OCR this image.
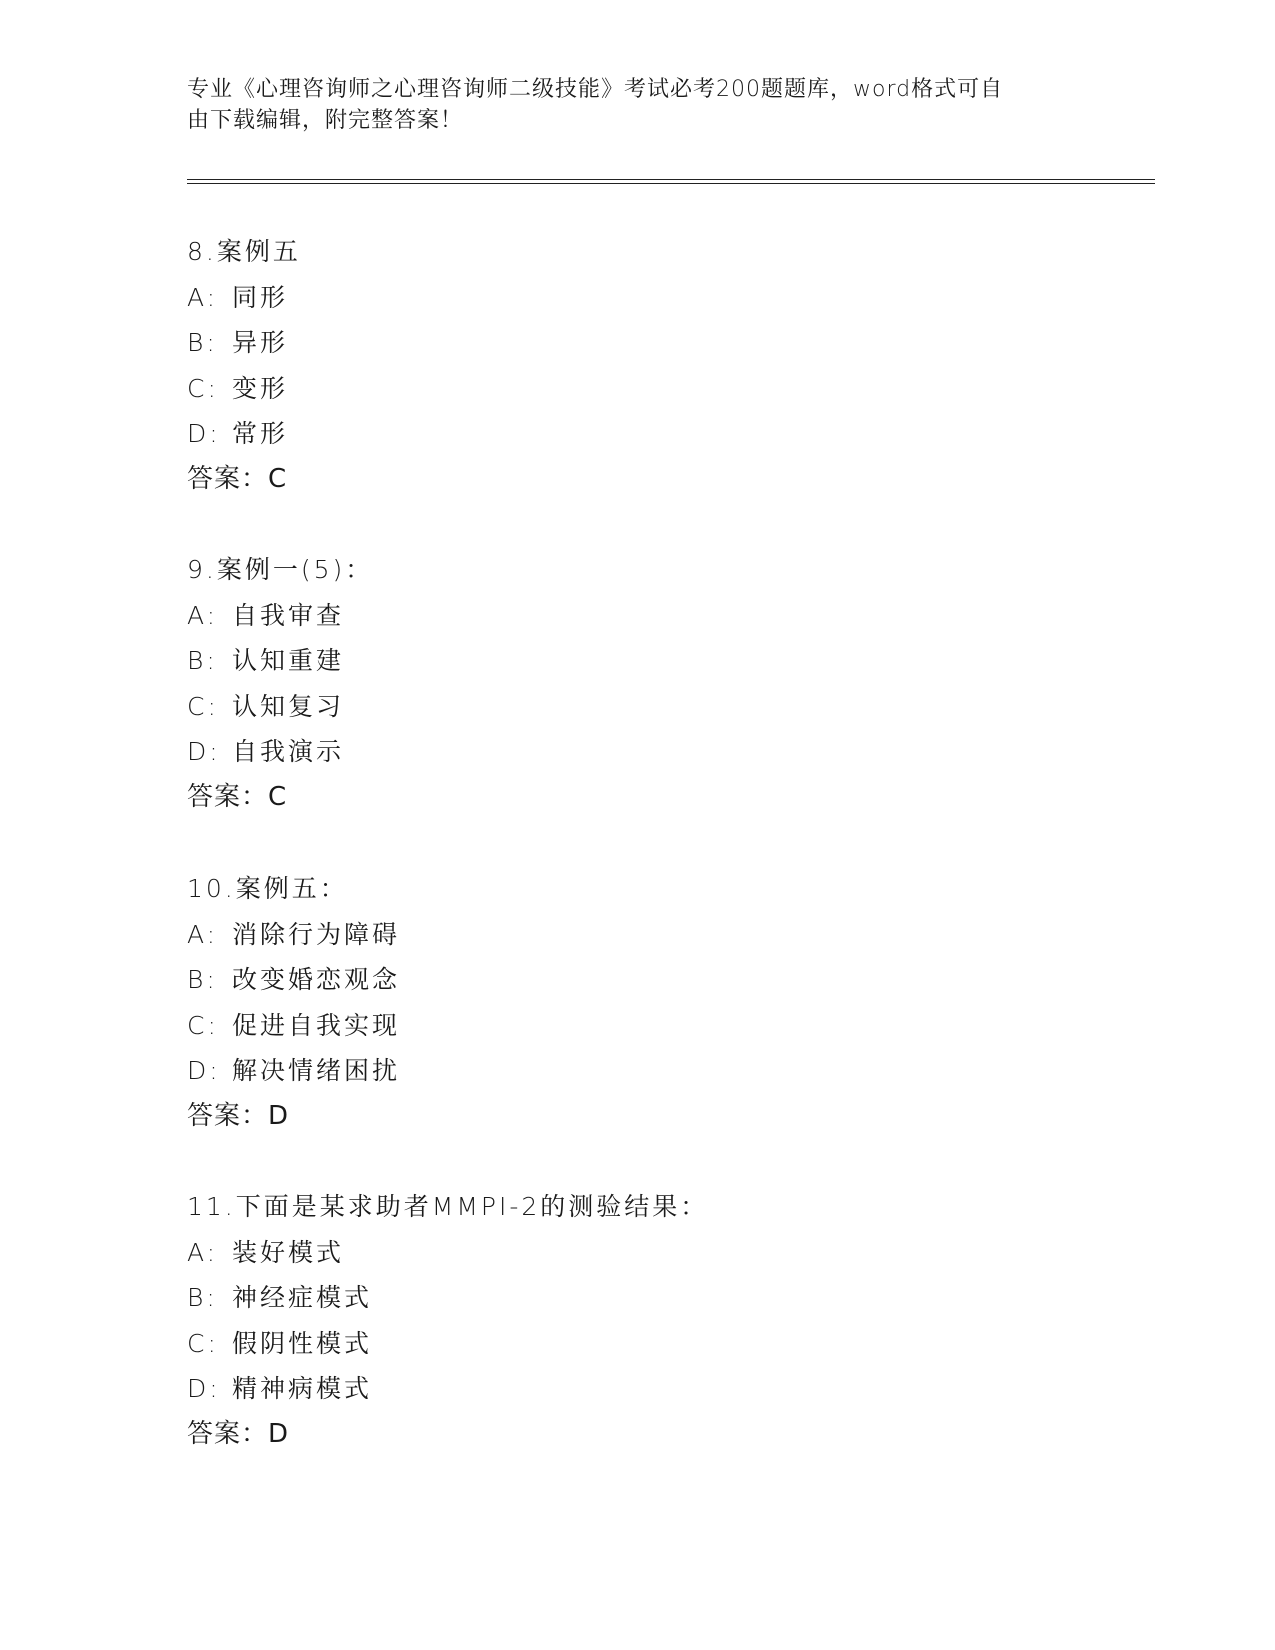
专业《心理咨询师之心理咨询师二级技能》考试必考200题题库，word格式可自
由下载编辑，附完整答案！
8.案例五
A: 同形
B: 异形
C: 变形
D: 常形
答案：C
9.案例一(5)：
A: 自我审查
B: 认知重建
C: 认知复习
D: 自我演示
答案：C
10.案例五：
A: 消除行为障碍
B: 改变婚恋观念
C: 促进自我实现
D: 解决情绪困扰
答案：D
11.下面是某求助者MMPI-2的测验结果：
A: 装好模式
B: 神经症模式
C: 假阴性模式
D: 精神病模式
答案：D
